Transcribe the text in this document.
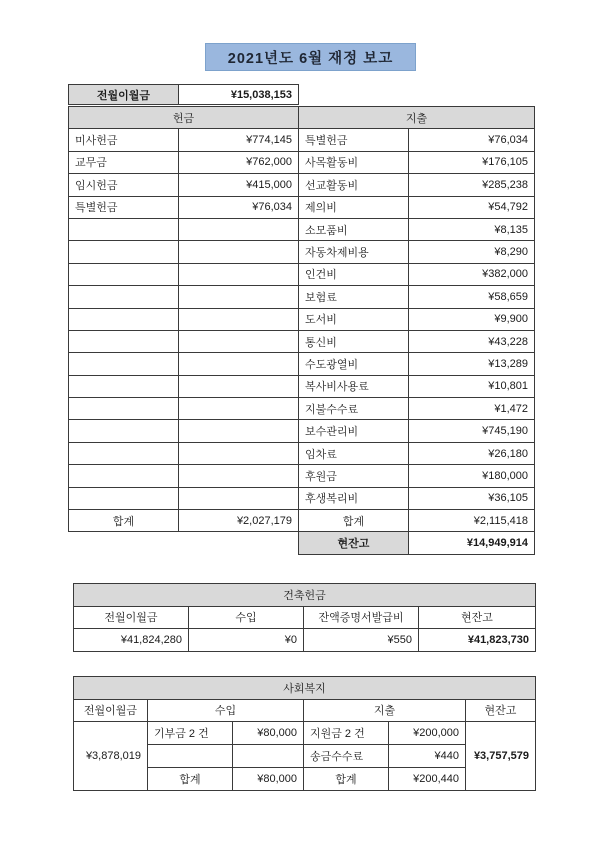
2021년도 6월 재정 보고
전월이월금	¥15,038,153
헌금		지출	
미사헌금	¥774,145	특별헌금	¥76,034
교무금	¥762,000	사목활동비	¥176,105
임시헌금	¥415,000	선교활동비	¥285,238
특별헌금	¥76,034	제의비	¥54,792
		소모품비	¥8,135
		자동차제비용	¥8,290
		인건비	¥382,000
		보험료	¥58,659
		도서비	¥9,900
		통신비	¥43,228
		수도광열비	¥13,289
		복사비사용료	¥10,801
		지불수수료	¥1,472
		보수관리비	¥745,190
		임차료	¥26,180
		후원금	¥180,000
		후생복리비	¥36,105
합계	¥2,027,179	합계	¥2,115,418
		현잔고	¥14,949,914
건축헌금			
전월이월금	수입	잔액증명서발급비	현잔고
¥41,824,280	¥0	¥550	¥41,823,730
사회복지					
전월이월금	수입		지출		현잔고
¥3,878,019	기부금 2 건	¥80,000	지원금 2 건	¥200,000	¥3,757,579
			송금수수료	¥440	
	합계	¥80,000	합계	¥200,440	
